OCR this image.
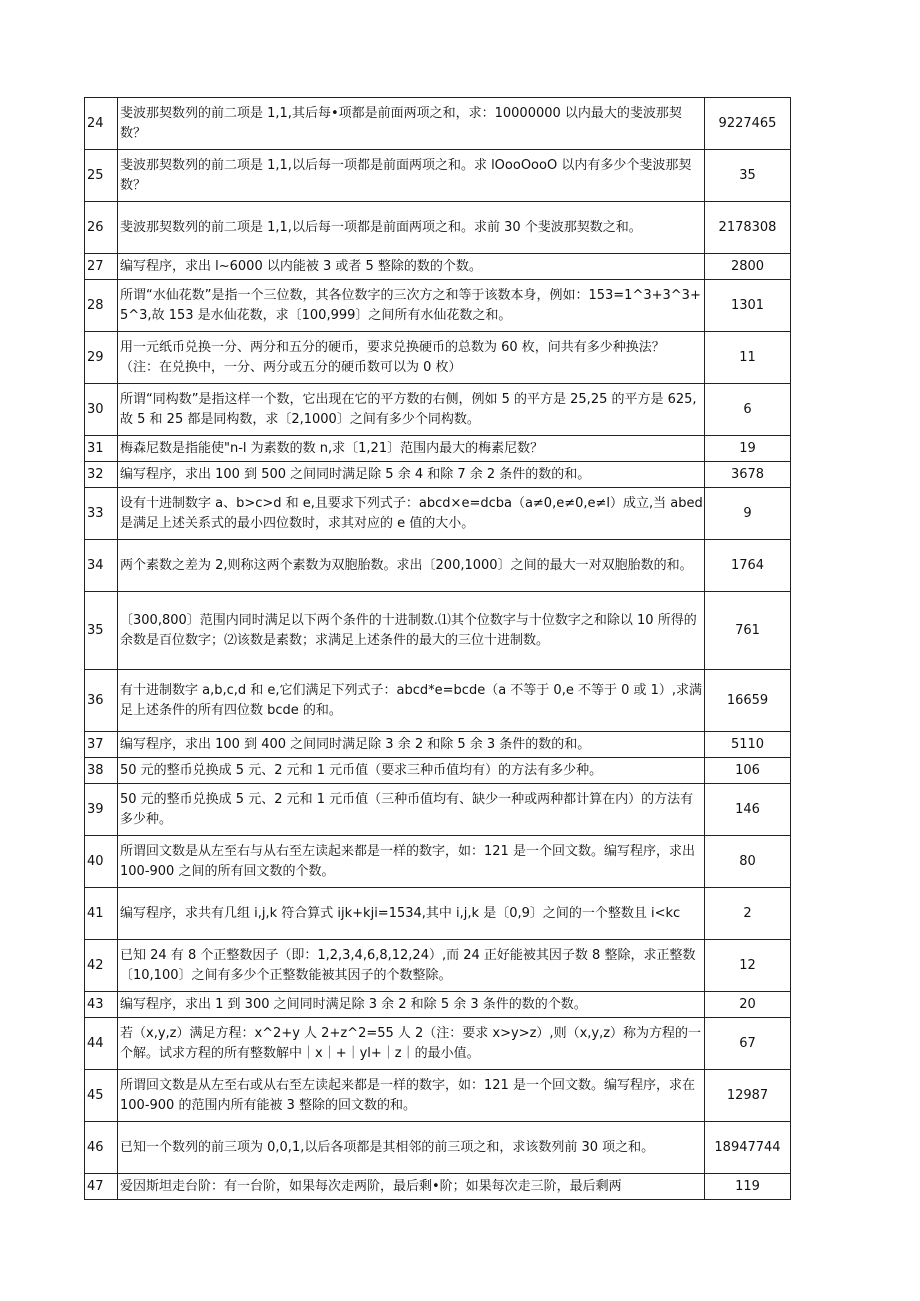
24	斐波那契数列的前二项是 1,1,其后每•项都是前面两项之和，求：10000000 以内最大的斐波那契数？	9227465
25	斐波那契数列的前二项是 1,1,以后每一项都是前面两项之和。求 lOooOooO 以内有多少个斐波那契数？	35
26	斐波那契数列的前二项是 1,1,以后每一项都是前面两项之和。求前 30 个斐波那契数之和。	2178308
27	编写程序，求出 l~6000 以内能被 3 或者 5 整除的数的个数。	2800
28	所谓“水仙花数”是指一个三位数，其各位数字的三次方之和等于该数本身，例如：153=1^3+3^3+5^3,故 153 是水仙花数，求〔100,999〕之间所有水仙花数之和。	1301
29	用一元纸币兑换一分、两分和五分的硬币，要求兑换硬币的总数为 60 枚，问共有多少种换法？（注：在兑换中，一分、两分或五分的硬币数可以为 0 枚）	11
30	所谓“同构数”是指这样一个数，它出现在它的平方数的右侧，例如 5 的平方是 25,25 的平方是 625,故 5 和 25 都是同构数，求〔2,1000〕之间有多少个同构数。	6
31	梅森尼数是指能使"n-l 为素数的数 n,求〔1,21〕范围内最大的梅素尼数？	19
32	编写程序，求出 100 到 500 之间同时满足除 5 余 4 和除 7 余 2 条件的数的和。	3678
33	设有十进制数字 a、b>c>d 和 e,且要求下列式子：abcd×e=dcba（a≠0,e≠0,e≠l）成立,当 abed 是满足上述关系式的最小四位数时，求其对应的 e 值的大小。	9
34	两个素数之差为 2,则称这两个素数为双胞胎数。求出〔200,1000〕之间的最大一对双胞胎数的和。	1764
35	〔300,800〕范围内同时满足以下两个条件的十进制数.⑴其个位数字与十位数字之和除以 10 所得的余数是百位数字；⑵该数是素数；求满足上述条件的最大的三位十进制数。	761
36	有十进制数字 a,b,c,d 和 e,它们满足下列式子：abcd*e=bcde（a 不等于 0,e 不等于 0 或 1）,求满足上述条件的所有四位数 bcde 的和。	16659
37	编写程序，求出 100 到 400 之间同时满足除 3 余 2 和除 5 余 3 条件的数的和。	5110
38	50 元的整币兑换成 5 元、2 元和 1 元币值（要求三种币值均有）的方法有多少种。	106
39	50 元的整币兑换成 5 元、2 元和 1 元币值（三种币值均有、缺少一种或两种都计算在内）的方法有多少种。	146
40	所谓回文数是从左至右与从右至左读起来都是一样的数字，如：121 是一个回文数。编写程序，求出 100-900 之间的所有回文数的个数。	80
41	编写程序，求共有几组 i,j,k 符合算式 ijk+kji=1534,其中 i,j,k 是〔0,9〕之间的一个整数且 i<kc	2
42	已知 24 有 8 个正整数因子（即：1,2,3,4,6,8,12,24）,而 24 正好能被其因子数 8 整除，求正整数〔10,100〕之间有多少个正整数能被其因子的个数整除。	12
43	编写程序，求出 1 到 300 之间同时满足除 3 余 2 和除 5 余 3 条件的数的个数。	20
44	若（x,y,z）满足方程：x^2+y 人 2+z^2=55 人 2（注：要求 x>y>z）,则（x,y,z）称为方程的一个解。试求方程的所有整数解中｜x｜+｜yl+｜z｜的最小值。	67
45	所谓回文数是从左至右或从右至左读起来都是一样的数字，如：121 是一个回文数。编写程序，求在 100-900 的范围内所有能被 3 整除的回文数的和。	12987
46	已知一个数列的前三项为 0,0,1,以后各项都是其相邻的前三项之和，求该数列前 30 项之和。	18947744
47	爱因斯坦走台阶：有一台阶，如果每次走两阶，最后剩•阶；如果每次走三阶，最后剩两	119
